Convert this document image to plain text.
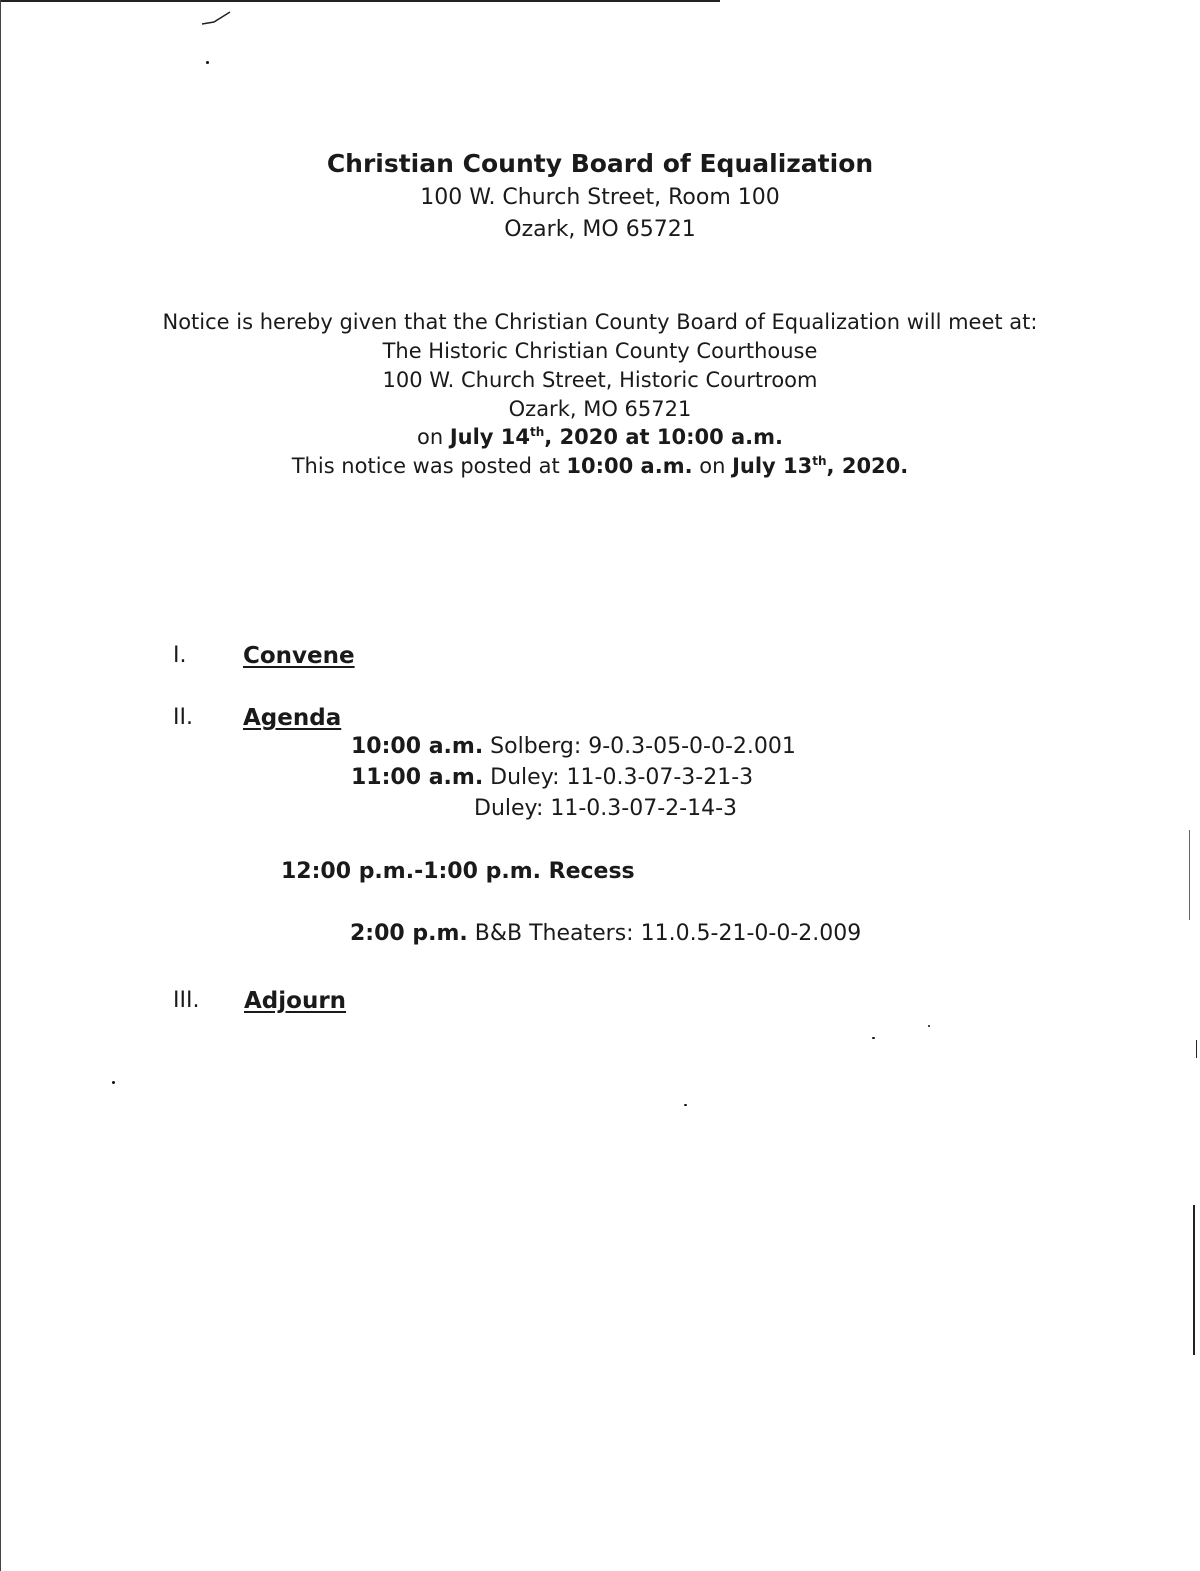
Christian County Board of Equalization
100 W. Church Street, Room 100
Ozark, MO 65721
Notice is hereby given that the Christian County Board of Equalization will meet at:
The Historic Christian County Courthouse
100 W. Church Street, Historic Courtroom
Ozark, MO 65721
on July 14th, 2020 at 10:00 a.m.
This notice was posted at 10:00 a.m. on July 13th, 2020.
I. Convene
II. Agenda
10:00 a.m. Solberg: 9-0.3-05-0-0-2.001
11:00 a.m. Duley: 11-0.3-07-3-21-3
Duley: 11-0.3-07-2-14-3
12:00 p.m.-1:00 p.m. Recess
2:00 p.m. B&B Theaters: 11.0.5-21-0-0-2.009
III. Adjourn
